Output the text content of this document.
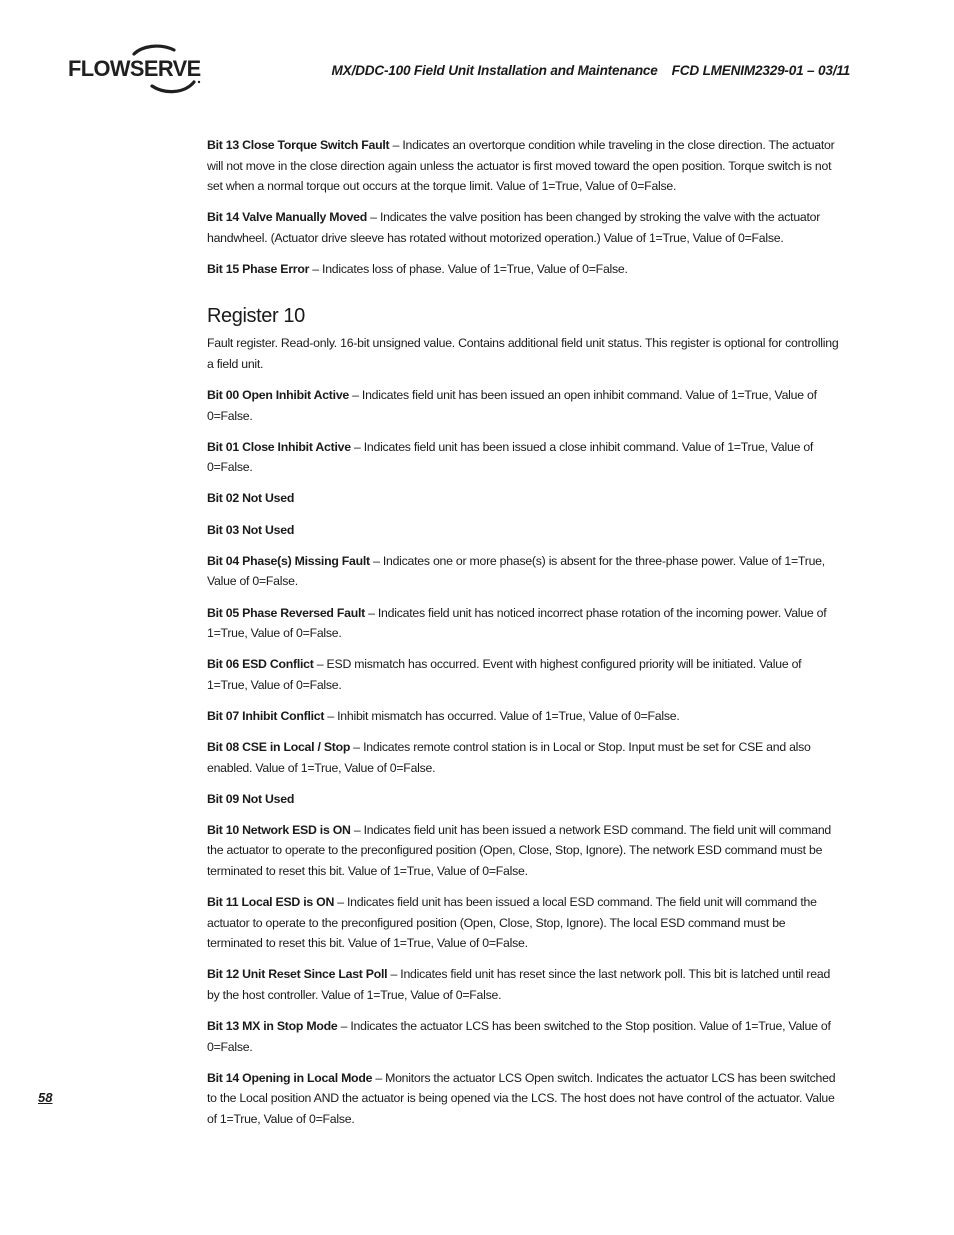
FLOWSERVE	MX/DDC-100 Field Unit Installation and Maintenance FCD LMENIM2329-01 – 03/11

Bit 13 Close Torque Switch Fault – Indicates an overtorque condition while traveling in the close direction. The actuator will not move in the close direction again unless the actuator is first moved toward the open position. Torque switch is not set when a normal torque out occurs at the torque limit. Value of 1=True, Value of 0=False.

Bit 14 Valve Manually Moved – Indicates the valve position has been changed by stroking the valve with the actuator handwheel. (Actuator drive sleeve has rotated without motorized operation.) Value of 1=True, Value of 0=False.

Bit 15 Phase Error – Indicates loss of phase. Value of 1=True, Value of 0=False.

Register 10

Fault register. Read-only. 16-bit unsigned value. Contains additional field unit status. This register is optional for controlling a field unit.

Bit 00 Open Inhibit Active – Indicates field unit has been issued an open inhibit command. Value of 1=True, Value of 0=False.

Bit 01 Close Inhibit Active – Indicates field unit has been issued a close inhibit command. Value of 1=True, Value of 0=False.

Bit 02 Not Used

Bit 03 Not Used

Bit 04 Phase(s) Missing Fault – Indicates one or more phase(s) is absent for the three-phase power. Value of 1=True, Value of 0=False.

Bit 05 Phase Reversed Fault – Indicates field unit has noticed incorrect phase rotation of the incoming power. Value of 1=True, Value of 0=False.

Bit 06 ESD Conflict – ESD mismatch has occurred. Event with highest configured priority will be initiated. Value of 1=True, Value of 0=False.

Bit 07 Inhibit Conflict – Inhibit mismatch has occurred. Value of 1=True, Value of 0=False.

Bit 08 CSE in Local / Stop – Indicates remote control station is in Local or Stop. Input must be set for CSE and also enabled. Value of 1=True, Value of 0=False.

Bit 09 Not Used

Bit 10 Network ESD is ON – Indicates field unit has been issued a network ESD command. The field unit will command the actuator to operate to the preconfigured position (Open, Close, Stop, Ignore). The network ESD command must be terminated to reset this bit. Value of 1=True, Value of 0=False.

Bit 11 Local ESD is ON – Indicates field unit has been issued a local ESD command. The field unit will command the actuator to operate to the preconfigured position (Open, Close, Stop, Ignore). The local ESD command must be terminated to reset this bit. Value of 1=True, Value of 0=False.

Bit 12 Unit Reset Since Last Poll – Indicates field unit has reset since the last network poll. This bit is latched until read by the host controller. Value of 1=True, Value of 0=False.

Bit 13 MX in Stop Mode – Indicates the actuator LCS has been switched to the Stop position. Value of 1=True, Value of 0=False.

Bit 14 Opening in Local Mode – Monitors the actuator LCS Open switch. Indicates the actuator LCS has been switched to the Local position AND the actuator is being opened via the LCS. The host does not have control of the actuator. Value of 1=True, Value of 0=False.

58
